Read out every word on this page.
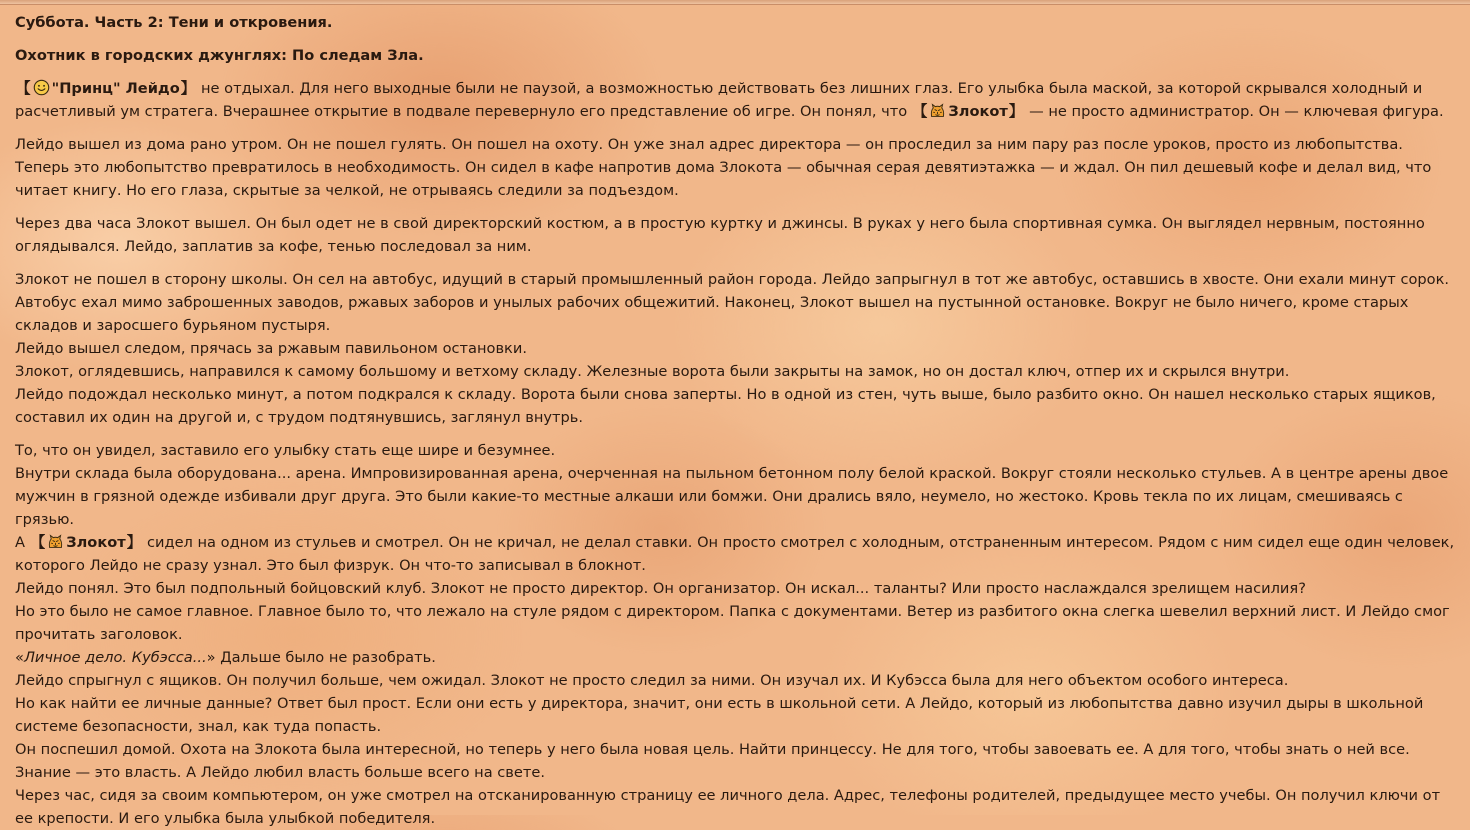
Суббота. Часть 2: Тени и откровения.

Охотник в городских джунглях: По следам Зла.

【 "Принц" Лейдо】 не отдыхал. Для него выходные были не паузой, а возможностью действовать без лишних глаз. Его улыбка была маской, за которой скрывался холодный и расчетливый ум стратега. Вчерашнее открытие в подвале перевернуло его представление об игре. Он понял, что 【 Злокот】 — не просто администратор. Он — ключевая фигура.

Лейдо вышел из дома рано утром. Он не пошел гулять. Он пошел на охоту. Он уже знал адрес директора — он проследил за ним пару раз после уроков, просто из любопытства. Теперь это любопытство превратилось в необходимость. Он сидел в кафе напротив дома Злокота — обычная серая девятиэтажка — и ждал. Он пил дешевый кофе и делал вид, что читает книгу. Но его глаза, скрытые за челкой, не отрываясь следили за подъездом.

Через два часа Злокот вышел. Он был одет не в свой директорский костюм, а в простую куртку и джинсы. В руках у него была спортивная сумка. Он выглядел нервным, постоянно оглядывался. Лейдо, заплатив за кофе, тенью последовал за ним.

Злокот не пошел в сторону школы. Он сел на автобус, идущий в старый промышленный район города. Лейдо запрыгнул в тот же автобус, оставшись в хвосте. Они ехали минут сорок. Автобус ехал мимо заброшенных заводов, ржавых заборов и унылых рабочих общежитий. Наконец, Злокот вышел на пустынной остановке. Вокруг не было ничего, кроме старых складов и заросшего бурьяном пустыря.
Лейдо вышел следом, прячась за ржавым павильоном остановки.
Злокот, оглядевшись, направился к самому большому и ветхому складу. Железные ворота были закрыты на замок, но он достал ключ, отпер их и скрылся внутри.
Лейдо подождал несколько минут, а потом подкрался к складу. Ворота были снова заперты. Но в одной из стен, чуть выше, было разбито окно. Он нашел несколько старых ящиков, составил их один на другой и, с трудом подтянувшись, заглянул внутрь.

То, что он увидел, заставило его улыбку стать еще шире и безумнее.
Внутри склада была оборудована... арена. Импровизированная арена, очерченная на пыльном бетонном полу белой краской. Вокруг стояли несколько стульев. А в центре арены двое мужчин в грязной одежде избивали друг друга. Это были какие-то местные алкаши или бомжи. Они дрались вяло, неумело, но жестоко. Кровь текла по их лицам, смешиваясь с грязью.
А 【 Злокот】 сидел на одном из стульев и смотрел. Он не кричал, не делал ставки. Он просто смотрел с холодным, отстраненным интересом. Рядом с ним сидел еще один человек, которого Лейдо не сразу узнал. Это был физрук. Он что-то записывал в блокнот.
Лейдо понял. Это был подпольный бойцовский клуб. Злокот не просто директор. Он организатор. Он искал... таланты? Или просто наслаждался зрелищем насилия?
Но это было не самое главное. Главное было то, что лежало на стуле рядом с директором. Папка с документами. Ветер из разбитого окна слегка шевелил верхний лист. И Лейдо смог прочитать заголовок.
«Личное дело. Кубэсса...» Дальше было не разобрать.
Лейдо спрыгнул с ящиков. Он получил больше, чем ожидал. Злокот не просто следил за ними. Он изучал их. И Кубэсса была для него объектом особого интереса.
Но как найти ее личные данные? Ответ был прост. Если они есть у директора, значит, они есть в школьной сети. А Лейдо, который из любопытства давно изучил дыры в школьной системе безопасности, знал, как туда попасть.
Он поспешил домой. Охота на Злокота была интересной, но теперь у него была новая цель. Найти принцессу. Не для того, чтобы завоевать ее. А для того, чтобы знать о ней все. Знание — это власть. А Лейдо любил власть больше всего на свете.
Через час, сидя за своим компьютером, он уже смотрел на отсканированную страницу ее личного дела. Адрес, телефоны родителей, предыдущее место учебы. Он получил ключи от ее крепости. И его улыбка была улыбкой победителя.
